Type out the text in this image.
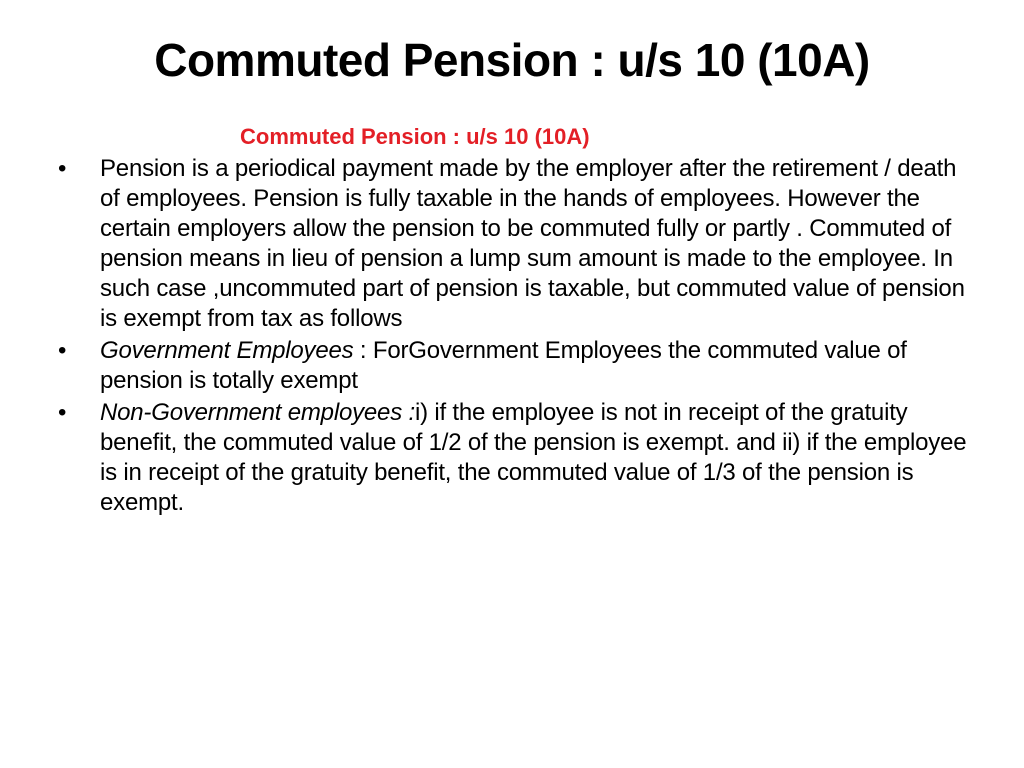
Commuted Pension : u/s 10 (10A)
Commuted Pension : u/s 10 (10A)
• Pension is a periodical payment made by the employer after the retirement / death of employees. Pension is fully taxable in the hands of employees. However the certain employers allow the pension to be commuted fully or partly . Commuted of pension means in lieu of pension a lump sum amount is made to the employee. In such case ,uncommuted part of pension is taxable, but commuted value of pension is exempt from tax as follows
• Government Employees : ForGovernment Employees the commuted value of pension is totally exempt
• Non-Government employees :i) if the employee is not in receipt of the gratuity benefit, the commuted value of 1/2 of the pension is exempt. and ii) if the employee is in receipt of the gratuity benefit, the commuted value of 1/3 of the pension is exempt.
